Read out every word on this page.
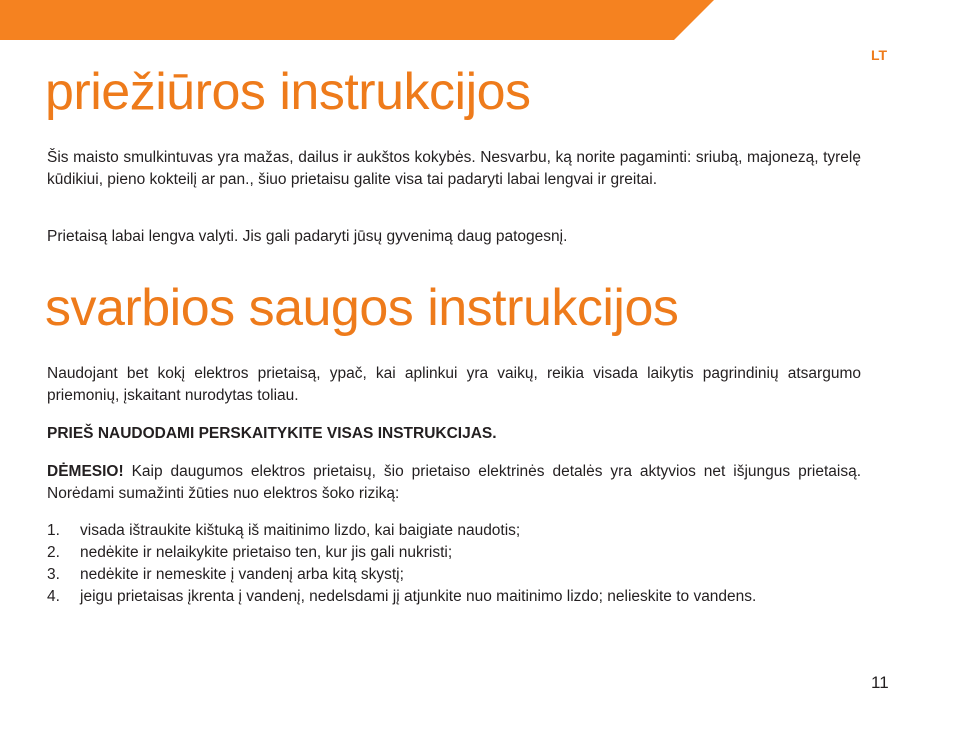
LT
priežiūros instrukcijos

Šis maisto smulkintuvas yra mažas, dailus ir aukštos kokybės. Nesvarbu, ką norite pagaminti: sriubą, majonezą, tyrelę kūdikiui, pieno kokteilį ar pan., šiuo prietaisu galite visa tai padaryti labai lengvai ir greitai.

Prietaisą labai lengva valyti. Jis gali padaryti jūsų gyvenimą daug patogesnį.

svarbios saugos instrukcijos

Naudojant bet kokį elektros prietaisą, ypač, kai aplinkui yra vaikų, reikia visada laikytis pagrindinių atsargumo priemonių, įskaitant nurodytas toliau.

PRIEŠ NAUDODAMI PERSKAITYKITE VISAS INSTRUKCIJAS.

DĖMESIO! Kaip daugumos elektros prietaisų, šio prietaiso elektrinės detalės yra aktyvios net išjungus prietaisą. Norėdami sumažinti žūties nuo elektros šoko riziką:

1.	visada ištraukite kištuką iš maitinimo lizdo, kai baigiate naudotis;
2.	nedėkite ir nelaikykite prietaiso ten, kur jis gali nukristi;
3.	nedėkite ir nemeskite į vandenį arba kitą skystį;
4.	jeigu prietaisas įkrenta į vandenį, nedelsdami jį atjunkite nuo maitinimo lizdo; nelieskite to vandens.
11
